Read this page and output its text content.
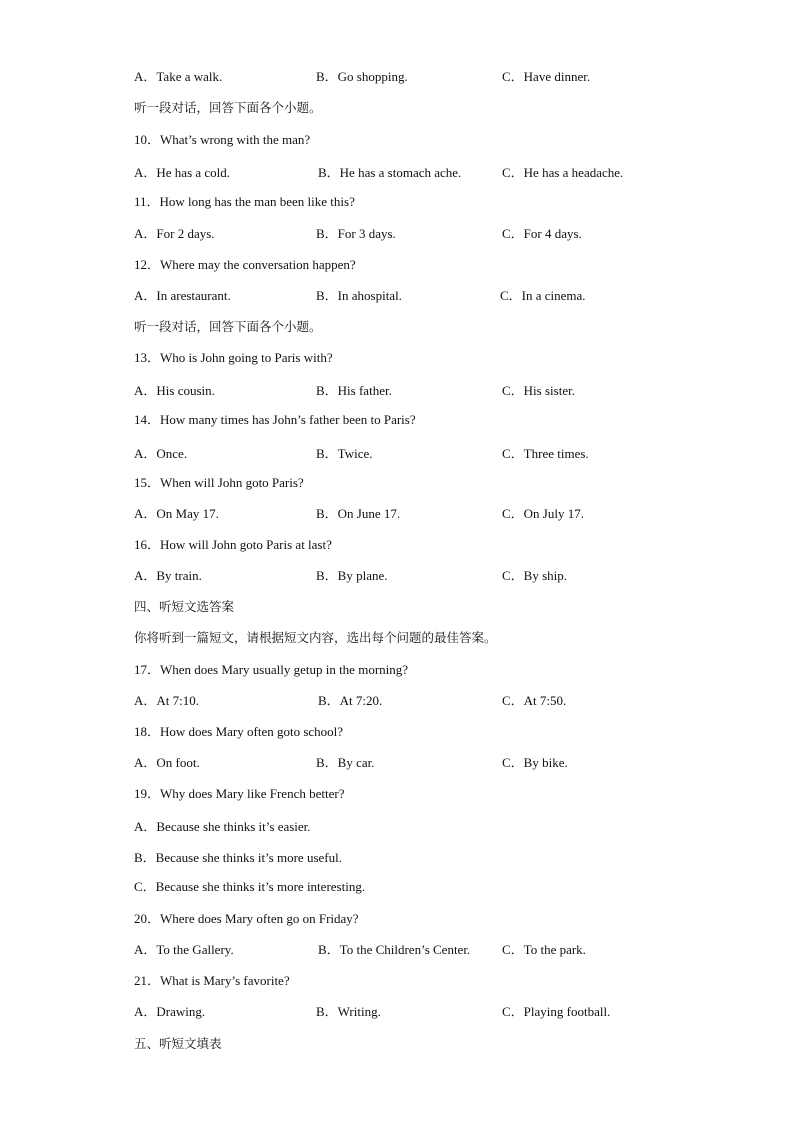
A．Take a walk.	B．Go shopping.	C．Have dinner.
听一段对话，回答下面各个小题。
10．What’s wrong with the man?
A．He has a cold.	B．He has a stomach ache.	C．He has a headache.
11．How long has the man been like this?
A．For 2 days.	B．For 3 days.	C．For 4 days.
12．Where may the conversation happen?
A．In arestaurant.	B．In ahospital.	C．In a cinema.
听一段对话，回答下面各个小题。
13．Who is John going to Paris with?
A．His cousin.	B．His father.	C．His sister.
14．How many times has John’s father been to Paris?
A．Once.	B．Twice.	C．Three times.
15．When will John goto Paris?
A．On May 17.	B．On June 17.	C．On July 17.
16．How will John goto Paris at last?
A．By train.	B．By plane.	C．By ship.
四、听短文选答案
你将听到一篇短文，请根据短文内容，选出每个问题的最佳答案。
17．When does Mary usually getup in the morning?
A．At 7:10.	B．At 7:20.	C．At 7:50.
18．How does Mary often goto school?
A．On foot.	B．By car.	C．By bike.
19．Why does Mary like French better?
A．Because she thinks it’s easier.
B．Because she thinks it’s more useful.
C．Because she thinks it’s more interesting.
20．Where does Mary often go on Friday?
A．To the Gallery.	B．To the Children’s Center. C．To the park.
21．What is Mary’s favorite?
A．Drawing.	B．Writing.	C．Playing football.
五、听短文填表
